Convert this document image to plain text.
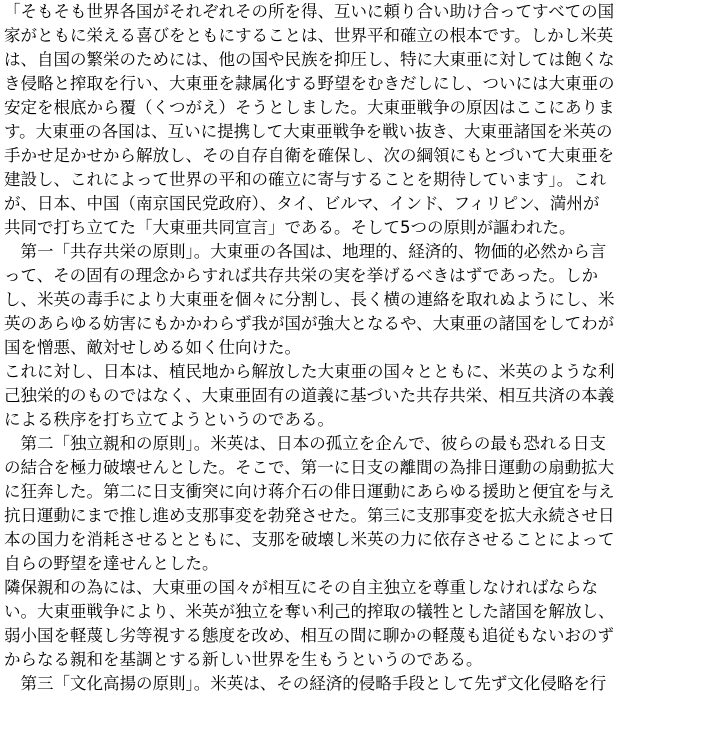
「そもそも世界各国がそれぞれその所を得、互いに頼り合い助け合ってすべての国

家がともに栄える喜びをともにすることは、世界平和確立の根本です。しかし米英

は、自国の繁栄のためには、他の国や民族を抑圧し、特に大東亜に対しては飽くな

き侵略と搾取を行い、大東亜を隷属化する野望をむきだしにし、ついには大東亜の

安定を根底から覆（くつがえ）そうとしました。大東亜戦争の原因はここにありま

す。大東亜の各国は、互いに提携して大東亜戦争を戦い抜き、大東亜諸国を米英の

手かせ足かせから解放し、その自存自衛を確保し、次の綱領にもとづいて大東亜を

建設し、これによって世界の平和の確立に寄与することを期待しています」。これ

が、日本、中国（南京国民党政府）、タイ、ビルマ、インド、フィリピン、満州が

共同で打ち立てた「大東亜共同宣言」である。そして5つの原則が謳われた。

　第一「共存共栄の原則」。大東亜の各国は、地理的、経済的、物価的必然から言

って、その固有の理念からすれば共存共栄の実を挙げるべきはずであった。しか

し、米英の毒手により大東亜を個々に分割し、長く横の連絡を取れぬようにし、米

英のあらゆる妨害にもかかわらず我が国が強大となるや、大東亜の諸国をしてわが

国を憎悪、敵対せしめる如く仕向けた。

これに対し、日本は、植民地から解放した大東亜の国々とともに、米英のような利

己独栄的のものではなく、大東亜固有の道義に基づいた共存共栄、相互共済の本義

による秩序を打ち立てようというのである。

　第二「独立親和の原則」。米英は、日本の孤立を企んで、彼らの最も恐れる日支

の結合を極力破壊せんとした。そこで、第一に日支の離間の為排日運動の扇動拡大

に狂奔した。第二に日支衝突に向け蒋介石の俳日運動にあらゆる援助と便宜を与え

抗日運動にまで推し進め支那事変を勃発させた。第三に支那事変を拡大永続させ日

本の国力を消耗させるとともに、支那を破壊し米英の力に依存させることによって

自らの野望を達せんとした。

隣保親和の為には、大東亜の国々が相互にその自主独立を尊重しなければならな

い。大東亜戦争により、米英が独立を奪い利己的搾取の犠牲とした諸国を解放し、

弱小国を軽蔑し劣等視する態度を改め、相互の間に聊かの軽蔑も追従もないおのず

からなる親和を基調とする新しい世界を生もうというのである。

　第三「文化高揚の原則」。米英は、その経済的侵略手段として先ず文化侵略を行
